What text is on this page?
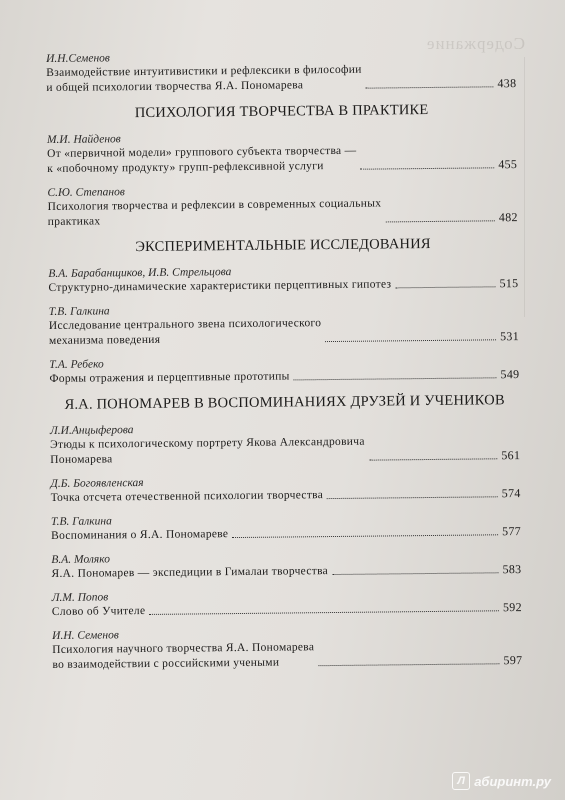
Содержание
И.Н.Семенов
Взаимодействие интуитивистики и рефлексики в философии
и общей психологии творчества Я.А. Пономарева	438
ПСИХОЛОГИЯ ТВОРЧЕСТВА В ПРАКТИКЕ
М.И. Найденов
От «первичной модели» группового субъекта творчества —
к «побочному продукту» групп-рефлексивной услуги	455
С.Ю. Степанов
Психология творчества и рефлексии в современных социальных
практиках	482
ЭКСПЕРИМЕНТАЛЬНЫЕ ИССЛЕДОВАНИЯ
В.А. Барабанщиков, И.В. Стрельцова
Структурно-динамические характеристики перцептивных гипотез	515
Т.В. Галкина
Исследование центрального звена психологического
механизма поведения	531
Т.А. Ребеко
Формы отражения и перцептивные прототипы	549
Я.А. ПОНОМАРЕВ В ВОСПОМИНАНИЯХ ДРУЗЕЙ И УЧЕНИКОВ
Л.И.Анцыферова
Этюды к психологическому портрету Якова Александровича
Пономарева	561
Д.Б. Богоявленская
Точка отсчета отечественной психологии творчества	574
Т.В. Галкина
Воспоминания о Я.А. Пономареве	577
В.А. Моляко
Я.А. Пономарев — экспедиции в Гималаи творчества	583
Л.М. Попов
Слово об Учителе	592
И.Н. Семенов
Психология научного творчества Я.А. Пономарева
во взаимодействии с российскими учеными	597
Л абиринт.ру
